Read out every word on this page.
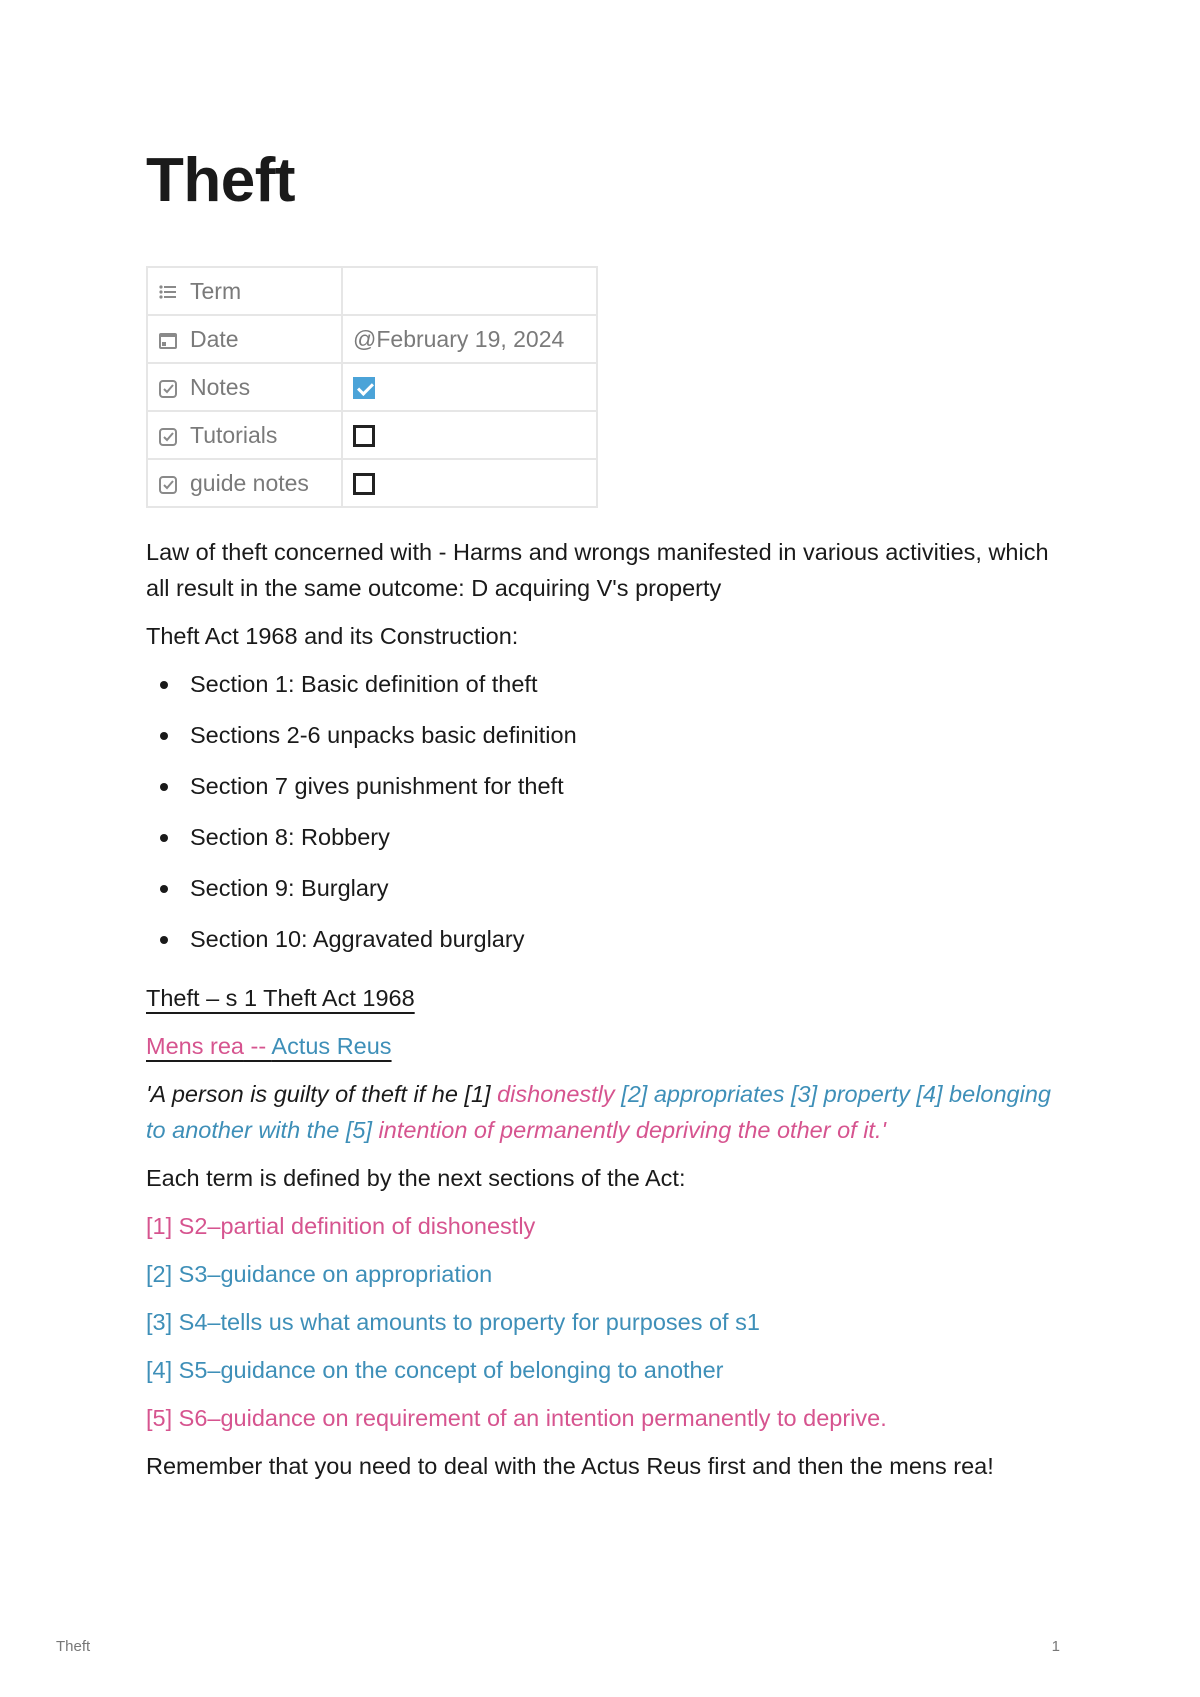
Theft
Term	
Date	@February 19, 2024
Notes	
Tutorials	
guide notes	

Law of theft concerned with - Harms and wrongs manifested in various activities, which all result in the same outcome: D acquiring V's property

Theft Act 1968 and its Construction:

Section 1: Basic definition of theft
Sections 2-6 unpacks basic definition
Section 7 gives punishment for theft
Section 8: Robbery
Section 9: Burglary
Section 10: Aggravated burglary

Theft – s 1 Theft Act 1968

Mens rea -- Actus Reus

'A person is guilty of theft if he [1] dishonestly [2] appropriates [3] property [4] belonging to another with the [5] intention of permanently depriving the other of it.'

Each term is defined by the next sections of the Act:

[1] S2–partial definition of dishonestly

[2] S3–guidance on appropriation

[3] S4–tells us what amounts to property for purposes of s1

[4] S5–guidance on the concept of belonging to another

[5] S6–guidance on requirement of an intention permanently to deprive.

Remember that you need to deal with the Actus Reus first and then the mens rea!

Theft	1
